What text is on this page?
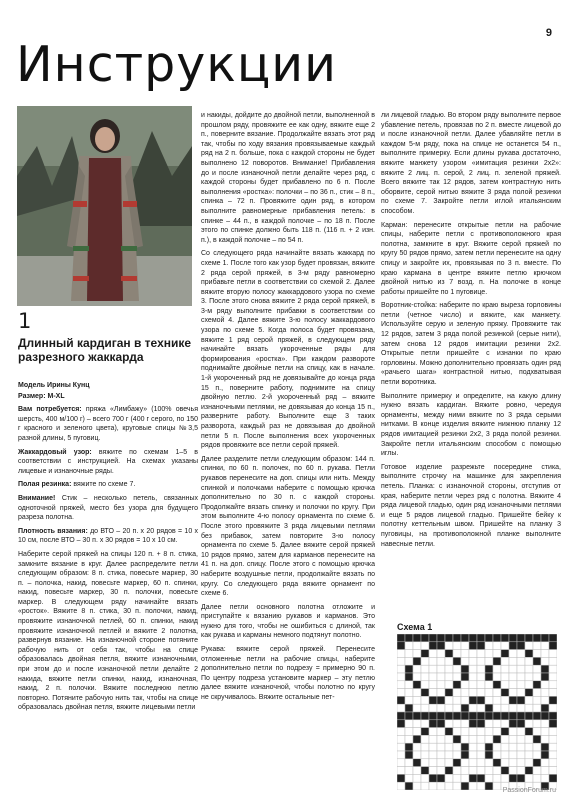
9
Инструкции
1
Длинный кардиган в технике разрезного жаккарда

Модель Ирины Кунц

Размер: М-XL

Вам потребуется: пряжа «Лимбажу» (100% овечья шерсть, 400 м/100 г) – всего 700 г (400 г серого, по 150 г красного и зеленого цвета), круговые спицы №3,5 разной длины, 5 пуговиц.

Жаккардовый узор: вяжите по схемам 1–5 в соответствии с инструкцией. На схемах указаны лицевые и изнаночные ряды.

Полая резинка: вяжите по схеме 7.

Внимание! Стик – несколько петель, связанных одноточной пряжей, место без узора для будущего разреза полотна.

Плотность вязания: до ВТО – 20 п. х 20 рядов = 10 х 10 см, после ВТО – 30 п. х 30 рядов = 10 х 10 см.

Наберите серой пряжей на спицы 120 п. + 8 п. стика, замкните вязание в круг. Далее распределите петли следующим образом: 8 п. стика, повесьте маркер, 30 п. – полочка, накид, повесьте маркер, 60 п. спинки, накид, повесьте маркер, 30 п. полочки, повесьте маркер. В следующем ряду начинайте вязать «росток». Вяжите 8 п. стика, 30 п. полочки, накид, провяжите изнаночной петлей, 60 п. спинки, накид провяжите изнаночной петлей и вяжите 2 полотна, развернув вязание. На изнаночной стороне потяните рабочую нить от себя так, чтобы на спице образовалась двойная петля, вяжите изнаночными, при этом до и после изнаночной петли делайте 2 накида, вяжите петли спинки, накид, изнаночная, накид, 2 п. полочки. Вяжите последнюю петлю повторно. Потяните рабочую нить так, чтобы на спице образовалась двойная петля, вяжите лицевыми петли

и накиды, дойдите до двойной петли, выполненной в прошлом ряду, провяжите ее как одну, вяжите еще 2 п., поверните вязание. Продолжайте вязать этот ряд так, чтобы по ходу вязания провязываемые каждый ряд на 2 п. больше, пока с каждой стороны не будет выполнено 12 поворотов. Внимание! Прибавления до и после изнаночной петли делайте через ряд, с каждой стороны будет прибавлено по 6 п. После выполнения «ростка»: полочки – по 36 п., стик – 8 п., спинка – 72 п. Провяжите один ряд, в котором выполните равномерные прибавления петель: в спинке – 44 п., в каждой полочке – по 18 п. После этого по спинке должно быть 118 п. (116 п. + 2 изн. п.), в каждой полочке – по 54 п.

Со следующего ряда начинайте вязать жаккард по схеме 1. После того как узор будет провязан, вяжите 2 ряда серой пряжей, в 3-м ряду равномерно прибавьте петли в соответствии со схемой 2. Далее вяжите вторую полосу жаккардового узора по схеме 3. После этого снова вяжите 2 ряда серой пряжей, в 3-м ряду выполните прибавки в соответствии со схемой 4. Далее вяжите 3-ю полосу жаккардового узора по схеме 5. Когда полоса будет провязана, вяжите 1 ряд серой пряжей, в следующем ряду начинайте вязать укороченные ряды для формирования «ростка». При каждом развороте поднимайте двойные петли на спицу, как в начале. 1-й укороченный ряд не довязывайте до конца ряда 15 п., поверните работу, поднимите на спицу двойную петлю. 2-й укороченный ряд – вяжите изнаночными петлями, не довязывая до конца 15 п., разверните работу. Выполните еще 3 таких разворота, каждый раз не довязывая до двойной петли 5 п. После выполнения всех укороченных рядов провяжите все петли серой пряжей.

Далее разделите петли следующим образом: 144 п. спинки, по 60 п. полочек, по 60 п. рукава. Петли рукавов перенесите на доп. спицы или нить. Между спинкой и полочками наберите с помощью крючка дополнительно по 30 п. с каждой стороны. Продолжайте вязать спинку и полочки по кругу. При этом выполните 4-ю полосу орнамента по схеме 6. После этого провяжите 3 ряда лицевыми петлями без прибавок, затем повторите 3-ю полосу орнамента по схеме 5. Далее вяжите серой пряжей 10 рядов прямо, затем для карманов перенесите на 41 п. на доп. спицу. После этого с помощью крючка наберите воздушные петли, продолжайте вязать по кругу. Со следующего ряда вяжите орнамент по схеме 6.

Далее петли основного полотна отложите и приступайте к вязанию рукавов и карманов. Это нужно для того, чтобы не ошибиться с длиной, так как рукава и карманы немного подтянут полотно.

Рукава: вяжите серой пряжей. Перенесите отложенные петли на рабочие спицы, наберите дополнительно петли по подрезу = примерно 90 п. По центру подреза установите маркер – эту петлю далее вяжите изнаночной, чтобы полотно по кругу не скручивалось. Вяжите остальные пет-

ли лицевой гладью. Во втором ряду выполните первое убавление петель, провязав по 2 п. вместе лицевой до и после изнаночной петли. Далее убавляйте петли в каждом 5-м ряду, пока на спице не останется 54 п., выполните примерку. Если длины рукава достаточно, вяжите манжету узором «имитация резинки 2х2»: вяжите 2 лиц. п. серой, 2 лиц. п. зеленой пряжей. Всего вяжите так 12 рядов, затем контрастную нить оборвите, серой нитью вяжите 3 ряда полой резинки по схеме 7. Закройте петли иглой итальянским способом.

Карман: перенесите открытые петли на рабочие спицы, наберите петли с противоположного края полотна, замкните в круг. Вяжите серой пряжей по кругу 50 рядов прямо, затем петли перенесите на одну спицу и закройте их, провязывая по 3 п. вместе. По краю кармана в центре вяжите петлю крючком двойной нитью из 7 возд. п. На полочке в конце работы пришейте по 1 пуговице.

Воротник-стойка: наберите по краю выреза горловины петли (четное число) и вяжите, как манжету. Используйте серую и зеленую пряжу. Провяжите так 12 рядов, затем 3 ряда полой резинкой (серые нити), затем снова 12 рядов имитации резинки 2х2. Открытые петли пришейте с изнанки по краю горловины. Можно дополнительно провязать один ряд «рачьего шага» контрастной нитью, подхватывая петли воротника.

Выполните примерку и определите, на какую длину нужно вязать кардиган. Вяжите ровно, чередуя орнаменты, между ними вяжите по 3 ряда серыми нитками. В конце изделия вяжите нижнюю планку 12 рядов имитацией резинки 2х2, 3 ряда полой резинки. Закройте петли итальянским способом с помощью иглы.

Готовое изделие разрежьте посередине стика, выполните строчку на машинке для закрепления петель. Планка: с изнаночной стороны, отступив от края, наберите петли через ряд с полотна. Вяжите 4 ряда лицевой гладью, один ряд изнаночными петлями и еще 5 рядов лицевой гладью. Пришейте бейку к полотну кеттельным швом. Пришейте на планку 3 пуговицы, на противоположной планке выполните навесные петли.

Схема 1
PassionForum.ru
